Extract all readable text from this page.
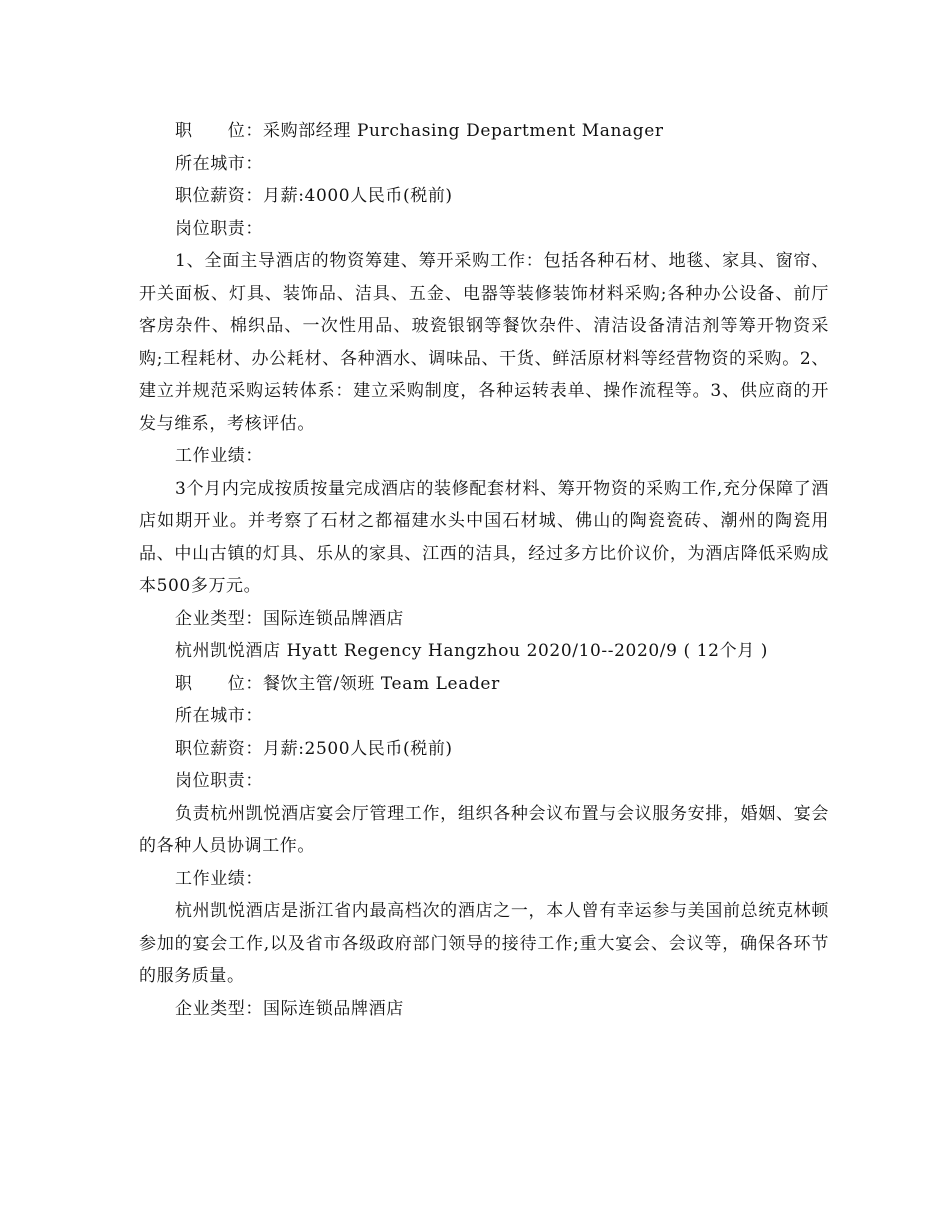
职　　位：采购部经理 Purchasing Department Manager

所在城市：

职位薪资：月薪:4000人民币(税前)

岗位职责：

1、全面主导酒店的物资筹建、筹开采购工作：包括各种石材、地毯、家具、窗帘、开关面板、灯具、装饰品、洁具、五金、电器等装修装饰材料采购;各种办公设备、前厅客房杂件、棉织品、一次性用品、玻瓷银钢等餐饮杂件、清洁设备清洁剂等筹开物资采购;工程耗材、办公耗材、各种酒水、调味品、干货、鲜活原材料等经营物资的采购。2、建立并规范采购运转体系：建立采购制度，各种运转表单、操作流程等。3、供应商的开发与维系，考核评估。

工作业绩：

3个月内完成按质按量完成酒店的装修配套材料、筹开物资的采购工作,充分保障了酒店如期开业。并考察了石材之都福建水头中国石材城、佛山的陶瓷瓷砖、潮州的陶瓷用品、中山古镇的灯具、乐从的家具、江西的洁具，经过多方比价议价，为酒店降低采购成本500多万元。

企业类型：国际连锁品牌酒店

杭州凯悦酒店 Hyatt Regency Hangzhou 2020/10--2020/9 ( 12个月 )

职　　位：餐饮主管/领班 Team Leader

所在城市：

职位薪资：月薪:2500人民币(税前)

岗位职责：

负责杭州凯悦酒店宴会厅管理工作，组织各种会议布置与会议服务安排，婚姻、宴会的各种人员协调工作。

工作业绩：

杭州凯悦酒店是浙江省内最高档次的酒店之一，本人曾有幸运参与美国前总统克林顿参加的宴会工作,以及省市各级政府部门领导的接待工作;重大宴会、会议等，确保各环节的服务质量。

企业类型：国际连锁品牌酒店
